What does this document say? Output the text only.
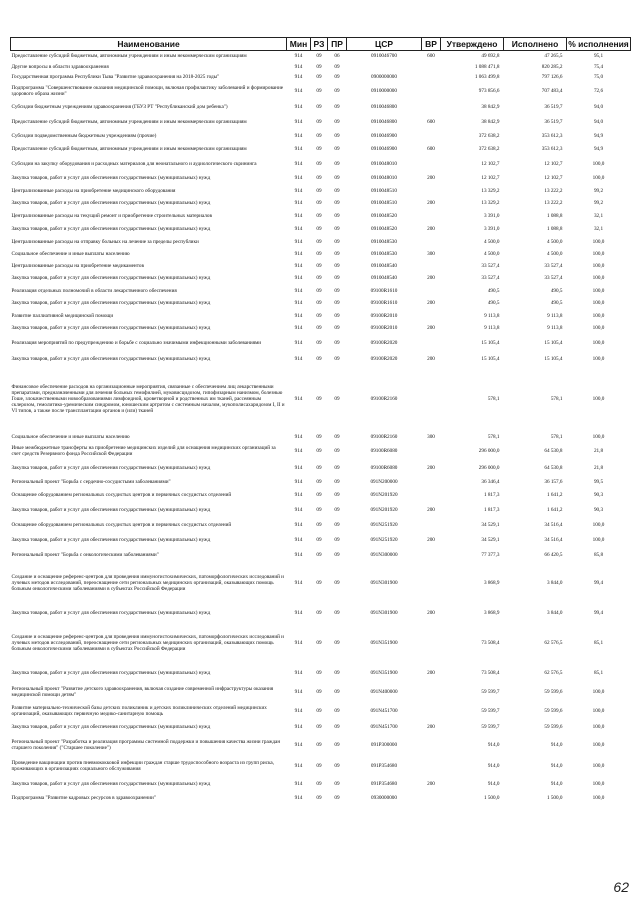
Наименование	Мин	РЗ	ПР	ЦСР	ВР	Утверждено	Исполнено	% исполнения
Предоставление субсидий бюджетным, автономным учреждениям и иным некоммерческим организациям	914	09	06	0910046700	600	49 692,8	47 265,5	95,1
Другие вопросы в области здравоохранения	914	09	09			1 088 471,8	820 285,2	75,4
Государственная программа Республики Тыва "Развитие здравоохранения на 2018-2025 годы"	914	09	09	0900000000		1 063 499,8	797 126,6	75,0
Подпрограмма "Совершенствование оказания медицинской помощи, включая профилактику заболеваний и формирование здорового образа жизни"	914	09	09	0910000000		973 856,6	707 483,4	72,6
Субсидии бюджетным учреждениям здравоохранения (ГБУЗ РТ "Республиканский дом ребенка")	914	09	09	0910046800		38 842,9	36 519,7	94,0
Предоставление субсидий бюджетным, автономным учреждениям и иным некоммерческим организациям	914	09	09	0910046800	600	38 842,9	36 519,7	94,0
Субсидии подведомственным бюджетным учреждениям (прочие)	914	09	09	0910046900		372 638,2	353 612,3	94,9
Предоставление субсидий бюджетным, автономным учреждениям и иным некоммерческим организациям	914	09	09	0910046900	600	372 638,2	353 612,3	94,9
Субсидии на закупку оборудования и расходных материалов для неонатального и аудиологического скрининга	914	09	09	0910048010		12 102,7	12 102,7	100,0
Закупка товаров, работ и услуг для обеспечения государственных (муниципальных) нужд	914	09	09	0910048010	200	12 102,7	12 102,7	100,0
Централизованные расходы на приобретение медицинского оборудования	914	09	09	0910048510		13 329,2	13 222,2	99,2
Закупка товаров, работ и услуг для обеспечения государственных (муниципальных) нужд	914	09	09	0910048510	200	13 329,2	13 222,2	99,2
Централизованные расходы на текущий ремонт и приобретение строительных материалов	914	09	09	0910048520		3 391,0	1 088,8	32,1
Закупка товаров, работ и услуг для обеспечения государственных (муниципальных) нужд	914	09	09	0910048520	200	3 391,0	1 088,8	32,1
Централизованные расходы на отправку больных на лечение за пределы республики	914	09	09	0910048530		4 500,0	4 500,0	100,0
Социальное обеспечение и иные выплаты населению	914	09	09	0910048530	300	4 500,0	4 500,0	100,0
Централизованные расходы на приобретение медикаментов	914	09	09	0910048540		33 527,4	33 527,4	100,0
Закупка товаров, работ и услуг для обеспечения государственных (муниципальных) нужд	914	09	09	0910048540	200	33 527,4	33 527,4	100,0
Реализация отдельных полномочий в области лекарственного обеспечения	914	09	09	09100R1610		490,5	490,5	100,0
Закупка товаров, работ и услуг для обеспечения государственных (муниципальных) нужд	914	09	09	09100R1610	200	490,5	490,5	100,0
Развитие паллиативной медицинской помощи	914	09	09	09100R2010		9 113,8	9 113,8	100,0
Закупка товаров, работ и услуг для обеспечения государственных (муниципальных) нужд	914	09	09	09100R2010	200	9 113,8	9 113,8	100,0
Реализация мероприятий по предупреждению и борьбе с социально значимыми инфекционными заболеваниями	914	09	09	09100R2020		15 105,4	15 105,4	100,0
Закупка товаров, работ и услуг для обеспечения государственных (муниципальных) нужд	914	09	09	09100R2020	200	15 105,4	15 105,4	100,0
Финансовое обеспечение расходов на организационные мероприятия, связанные с обеспечением лиц лекарственными препаратами, предназначенными для лечения больных гемофилией, муковисцидозом, гипофизарным нанизмом, болезнью Гоше, злокачественными новообразованиями лимфоидной, кроветворной и родственных им тканей, рассеянным склерозом, гемолитико-уремическим синдромом, юношеским артритом с системным началом, мукополисахаридозом I, II и VI типов, а также после трансплантации органов и (или) тканей	914	09	09	09100R2160		578,1	578,1	100,0
Социальное обеспечение и иные выплаты населению	914	09	09	09100R2160	300	578,1	578,1	100,0
Иные межбюджетные трансферты на приобретение медицинских изделий для оснащения медицинских организаций за счет средств Резервного фонда Российской Федерации	914	09	09	09100R6080		296 000,0	64 530,8	21,8
Закупка товаров, работ и услуг для обеспечения государственных (муниципальных) нужд	914	09	09	09100R6080	200	296 000,0	64 530,8	21,8
Региональный проект "Борьба с сердечно-сосудистыми заболеваниями"	914	09	09	091N200000		36 346,4	36 157,6	99,5
Оснащение оборудованием региональных сосудистых центров и первичных сосудистых отделений	914	09	09	091N201920		1 817,3	1 641,2	90,3
Закупка товаров, работ и услуг для обеспечения государственных (муниципальных) нужд	914	09	09	091N201920	200	1 817,3	1 641,2	90,3
Оснащение оборудованием региональных сосудистых центров и первичных сосудистых отделений	914	09	09	091N251920		34 529,1	34 516,4	100,0
Закупка товаров, работ и услуг для обеспечения государственных (муниципальных) нужд	914	09	09	091N251920	200	34 529,1	34 516,4	100,0
Региональный проект "Борьба с онкологическими заболеваниями"	914	09	09	091N300000		77 377,3	66 420,5	85,8
Создание и оснащение референс-центров для проведения иммуногистохимических, патоморфологических исследований и лучевых методов исследований, переоснащение сети региональных медицинских организаций, оказывающих помощь больным онкологическими заболеваниями в субъектах Российской Федерации	914	09	09	091N301900		3 868,9	3 844,0	99,4
Закупка товаров, работ и услуг для обеспечения государственных (муниципальных) нужд	914	09	09	091N301900	200	3 868,9	3 844,0	99,4
Создание и оснащение референс-центров для проведения иммуногистохимических, патоморфологических исследований и лучевых методов исследований, переоснащение сети региональных медицинских организаций, оказывающих помощь больным онкологическими заболеваниями в субъектах Российской Федерации	914	09	09	091N351900		73 508,4	62 576,5	85,1
Закупка товаров, работ и услуг для обеспечения государственных (муниципальных) нужд	914	09	09	091N351900	200	73 508,4	62 576,5	85,1
Региональный проект "Развитие детского здравоохранения, включая создание современной инфраструктуры оказания медицинской помощи детям"	914	09	09	091N400000		59 599,7	59 599,6	100,0
Развитие материально-технической базы детских поликлиник и детских поликлинических отделений медицинских организаций, оказывающих первичную медико-санитарную помощь	914	09	09	091N451700		59 599,7	59 599,6	100,0
Закупка товаров, работ и услуг для обеспечения государственных (муниципальных) нужд	914	09	09	091N451700	200	59 599,7	59 599,6	100,0
Региональный проект "Разработка и реализация программы системной поддержки и повышения качества жизни граждан старшего поколения" ("Старшее поколение")	914	09	09	091P300000		914,0	914,0	100,0
Проведение вакцинации против пневмококковой инфекции граждан старше трудоспособного возраста из групп риска, проживающих в организациях социального обслуживания	914	09	09	091P354680		914,0	914,0	100,0
Закупка товаров, работ и услуг для обеспечения государственных (муниципальных) нужд	914	09	09	091P354680	200	914,0	914,0	100,0
Подпрограмма "Развитие кадровых ресурсов в здравоохранении"	914	09	09	0930000000		1 500,0	1 500,0	100,0
62
